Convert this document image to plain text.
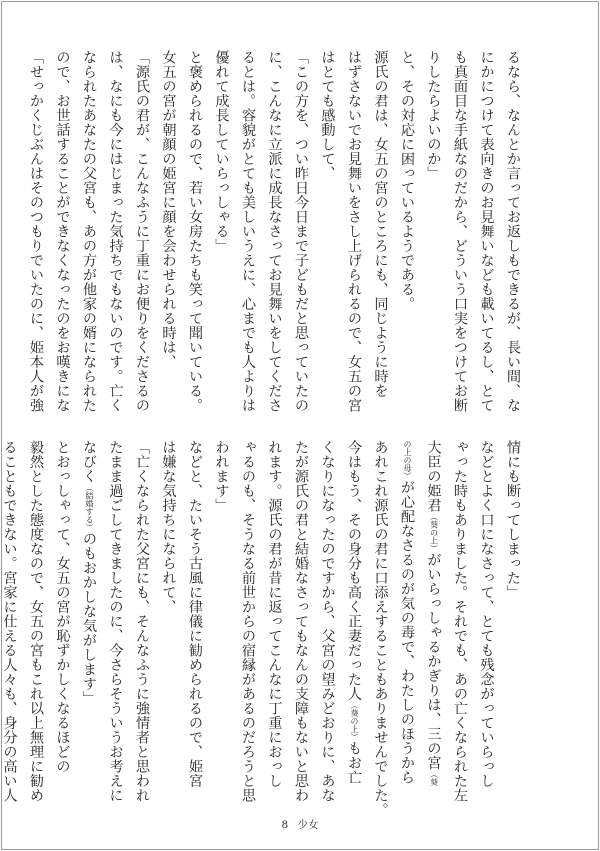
るなら、なんとか言ってお返しもできるが、長い間、な
にかにつけて表向きのお見舞いなども載いてるし、とて
も真面目な手紙なのだから、どういう口実をつけてお断
りしたらよいのか」
と、その対応に困っているようである。
源氏の君は、女五の宮のところにも、同じように時を
はずさないでお見舞いをさし上げられるので、女五の宮
はとても感動して、
「この方を、つい昨日今日まで子どもだと思っていたの
に、こんなに立派に成長なさってお見舞いをしてくださ
るとは。容貌がとても美しいうえに、心までも人よりは
優れて成長していらっしゃる」
と褒められるので、若い女房たちも笑って聞いている。
女五の宮が朝顔の姫宮に顔を会わせられる時は、
「源氏の君が、こんなふうに丁重にお便りをくださるの
は、なにも今にはじまった気持ちでもないのです。亡く
なられたあなたの父宮も、あの方が他家の婿になられた
ので、お世話することができなくなったのをお嘆きにな
「せっかくじぶんはそのつもりでいたのに、姫本人が強
情にも断ってしまった」
などとよく口になさって、とても残念がっていらっし
ゃった時もありました。それでも、あの亡くなられた左
大臣の姫君（葵の上）がいらっしゃるかぎりは、三の宮（葵
の上の母）が心配なさるのが気の毒で、わたしのほうから
あれこれ源氏の君に口添えすることもありませんでした。
今はもう、その身分も高く正妻だった人（葵の上）もお亡
くなりになったのですから、父宮の望みどおりに、あな
たが源氏の君と結婚なさってもなんの支障もないと思わ
れます。源氏の君が昔に返ってこんなに丁重におっし
ゃるのも、そうなる前世からの宿縁があるのだろうと思
われます」
などと、たいそう古風に律儀に勧められるので、姫宮
は嫌な気持ちになられて、
「亡くなられた父宮にも、そんなふうに強情者と思われ
たまま過ごしてきましたのに、今さらそういうお考えに
なびく（結婚する）のもおかしな気がします」
とおっしゃって、女五の宮が恥ずかしくなるほどの
毅然とした態度なので、女五の宮もこれ以上無理に勧め
ることもできない。宮家に仕える人々も、身分の高い人
8 少女
